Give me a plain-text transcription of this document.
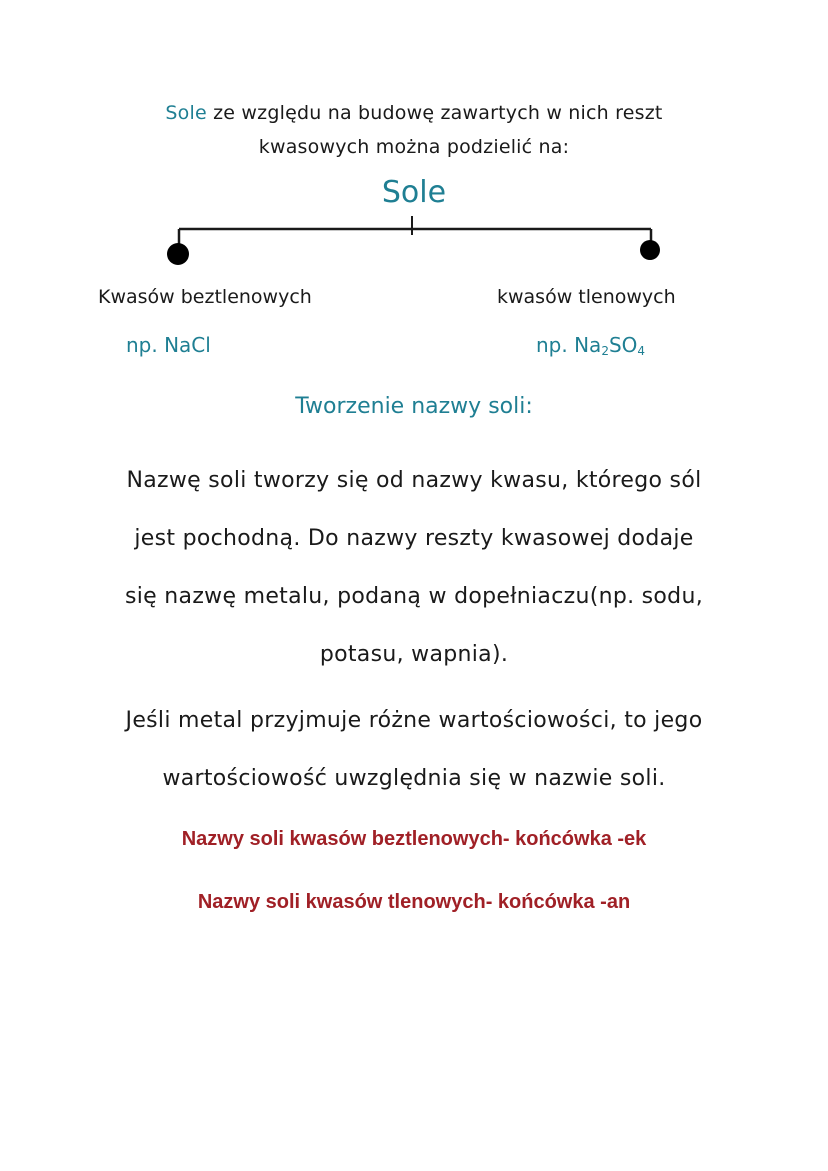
Sole ze względu na budowę zawartych w nich reszt
kwasowych można podzielić na:
Sole
Kwasów beztlenowych	kwasów tlenowych
np. NaCl	np. $Na_2SO_4$
Tworzenie nazwy soli:
Nazwę soli tworzy się od nazwy kwasu, którego sól
jest pochodną. Do nazwy reszty kwasowej dodaje
się nazwę metalu, podaną w dopełniaczu(np. sodu,
potasu, wapnia).
Jeśli metal przyjmuje różne wartościowości, to jego
wartościowość uwzględnia się w nazwie soli.
Nazwy soli kwasów beztlenowych- końcówka -ek
Nazwy soli kwasów tlenowych- końcówka -an
